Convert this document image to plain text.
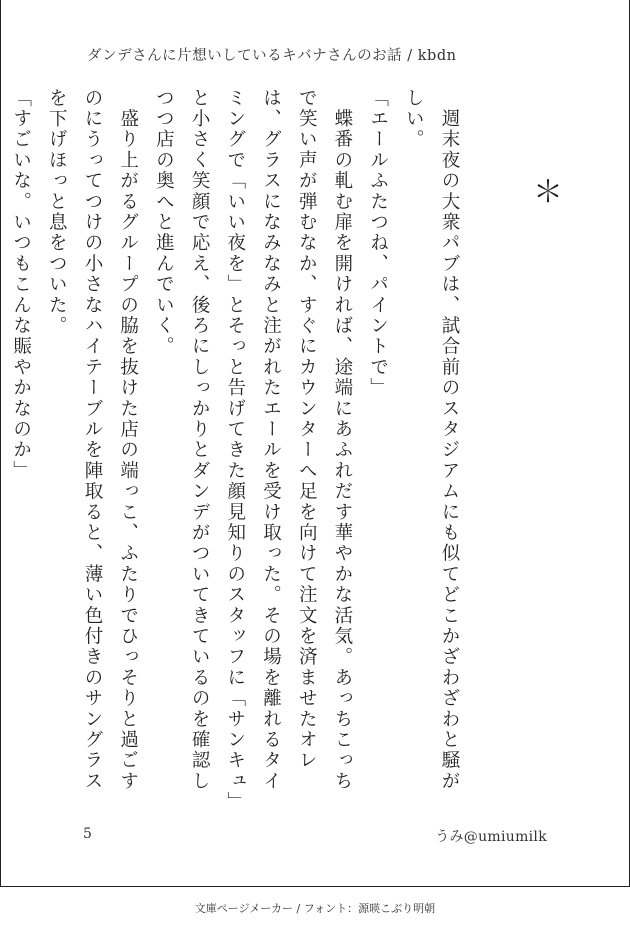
ダンデさんに片想いしているキバナさんのお話 / kbdn
＊

　週末夜の大衆パブは、試合前のスタジアムにも似てどこかざわざわと騒がしい。

「エールふたつね、パイントで」

　蝶番の軋む扉を開ければ、途端にあふれだす華やかな活気。あっちこっちで笑い声が弾むなか、すぐにカウンターへ足を向けて注文を済ませたオレは、グラスになみなみと注がれたエールを受け取った。その場を離れるタイミングで「いい夜を」とそっと告げてきた顔見知りのスタッフに「サンキュ」と小さく笑顔で応え、後ろにしっかりとダンデがついてきているのを確認しつつ店の奥へと進んでいく。

　盛り上がるグループの脇を抜けた店の端っこ、ふたりでひっそりと過ごすのにうってつけの小さなハイテーブルを陣取ると、薄い色付きのサングラスを下げほっと息をついた。

「すごいな。いつもこんな賑やかなのか」

5	うみ@umiumilk
文庫ページメーカー / フォント：源暎こぶり明朝
